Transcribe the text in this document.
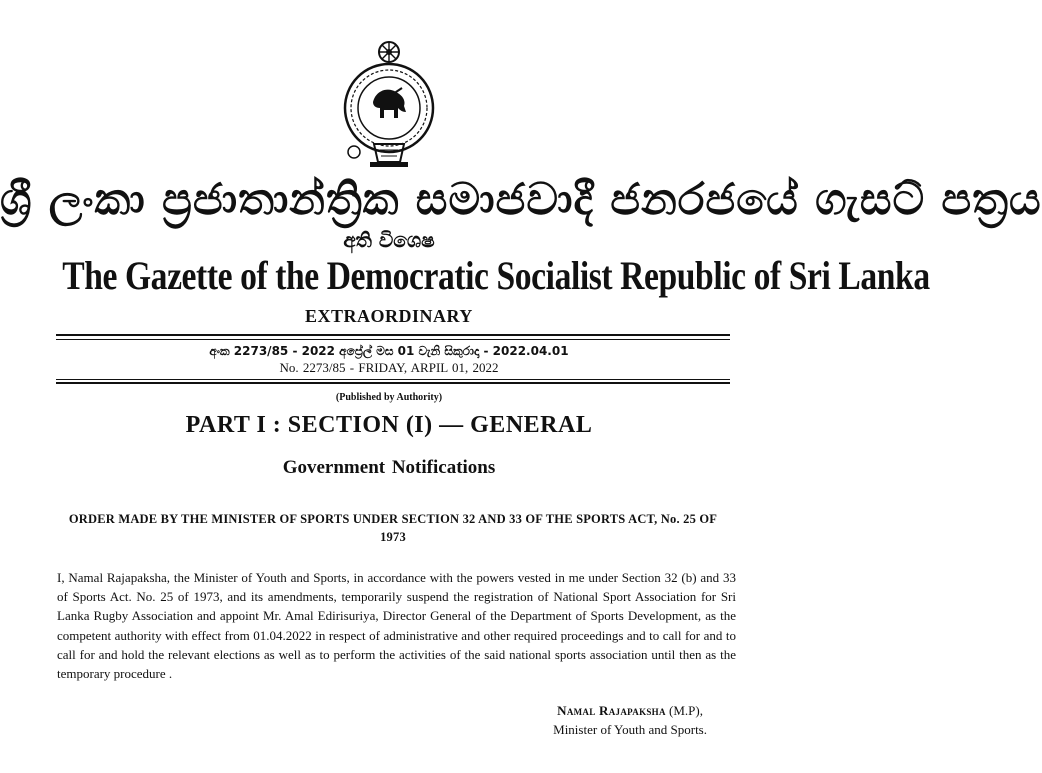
ශ්‍රී ලංකා ප්‍රජාතාන්ත්‍රික සමාජවාදී ජනරජයේ ගැසට් පත්‍රය
අති විශෙෂ
The Gazette of the Democratic Socialist Republic of Sri Lanka
EXTRAORDINARY
අංක 2273/85 - 2022 අප්‍රේල් මස 01 වැනි සිකුරාදා - 2022.04.01
No. 2273/85 - FRIDAY, ARPIL 01, 2022
(Published by Authority)
PART I : SECTION (I) — GENERAL
Government Notifications
ORDER MADE BY THE MINISTER OF SPORTS UNDER SECTION 32 AND 33 OF THE SPORTS ACT, No. 25 OF 1973
I, Namal Rajapaksha, the Minister of Youth and Sports, in accordance with the powers vested in me under Section 32 (b) and 33 of Sports Act. No. 25 of 1973, and its amendments, temporarily suspend the registration of National Sport Association for Sri Lanka Rugby Association and appoint Mr. Amal Edirisuriya, Director General of the Department of Sports Development, as the competent authority with effect from 01.04.2022 in respect of administrative and other required proceedings and to call for and to call for and hold the relevant elections as well as to perform the activities of the said national sports association until then as the temporary procedure .
Namal Rajapaksha (M.P),
Minister of Youth and Sports.
